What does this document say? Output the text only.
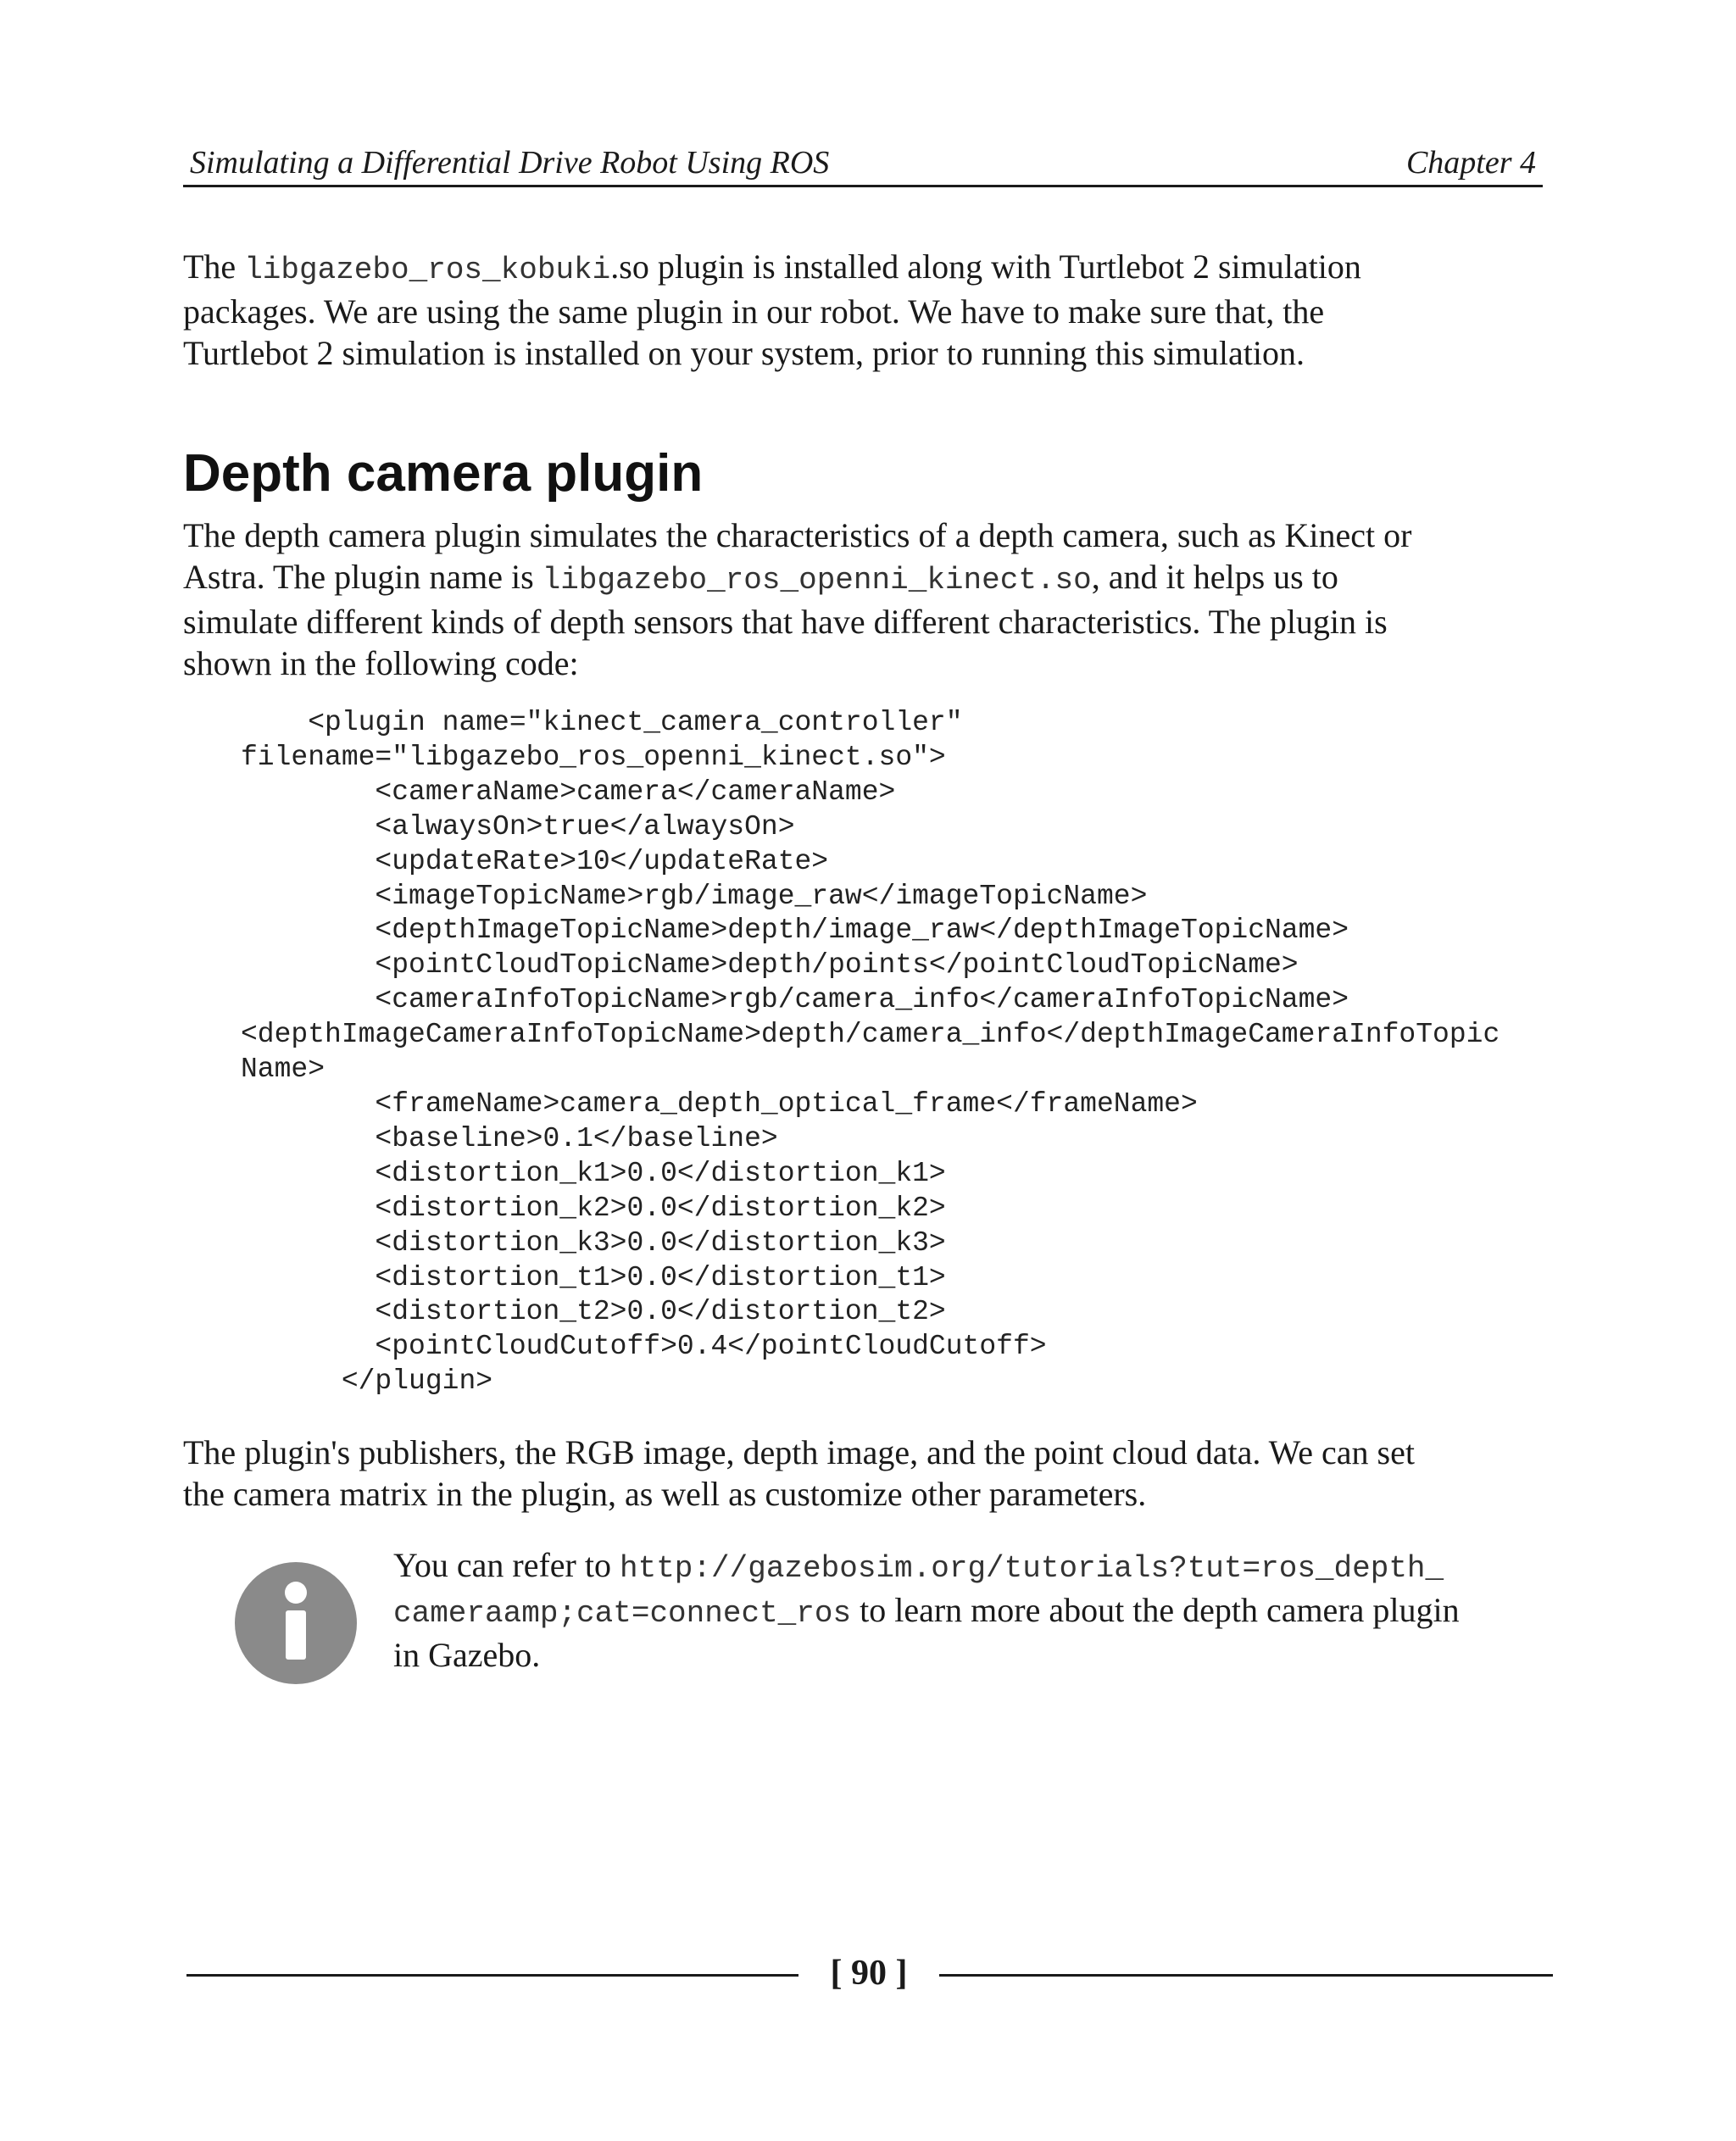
Simulating a Differential Drive Robot Using ROS	Chapter 4

The libgazebo_ros_kobuki.so plugin is installed along with Turtlebot 2 simulation
packages. We are using the same plugin in our robot. We have to make sure that, the
Turtlebot 2 simulation is installed on your system, prior to running this simulation.

Depth camera plugin

The depth camera plugin simulates the characteristics of a depth camera, such as Kinect or
Astra. The plugin name is libgazebo_ros_openni_kinect.so, and it helps us to
simulate different kinds of depth sensors that have different characteristics. The plugin is
shown in the following code:

<plugin name="kinect_camera_controller"
filename="libgazebo_ros_openni_kinect.so">
<cameraName>camera</cameraName>
<alwaysOn>true</alwaysOn>
<updateRate>10</updateRate>
<imageTopicName>rgb/image_raw</imageTopicName>
<depthImageTopicName>depth/image_raw</depthImageTopicName>
<pointCloudTopicName>depth/points</pointCloudTopicName>
<cameraInfoTopicName>rgb/camera_info</cameraInfoTopicName>
<depthImageCameraInfoTopicName>depth/camera_info</depthImageCameraInfoTopic
Name>
<frameName>camera_depth_optical_frame</frameName>
<baseline>0.1</baseline>
<distortion_k1>0.0</distortion_k1>
<distortion_k2>0.0</distortion_k2>
<distortion_k3>0.0</distortion_k3>
<distortion_t1>0.0</distortion_t1>
<distortion_t2>0.0</distortion_t2>
<pointCloudCutoff>0.4</pointCloudCutoff>
</plugin>

The plugin's publishers, the RGB image, depth image, and the point cloud data. We can set
the camera matrix in the plugin, as well as customize other parameters.

You can refer to http://gazebosim.org/tutorials?tut=ros_depth_
cameraamp;cat=connect_ros to learn more about the depth camera plugin
in Gazebo.

[ 90 ]
